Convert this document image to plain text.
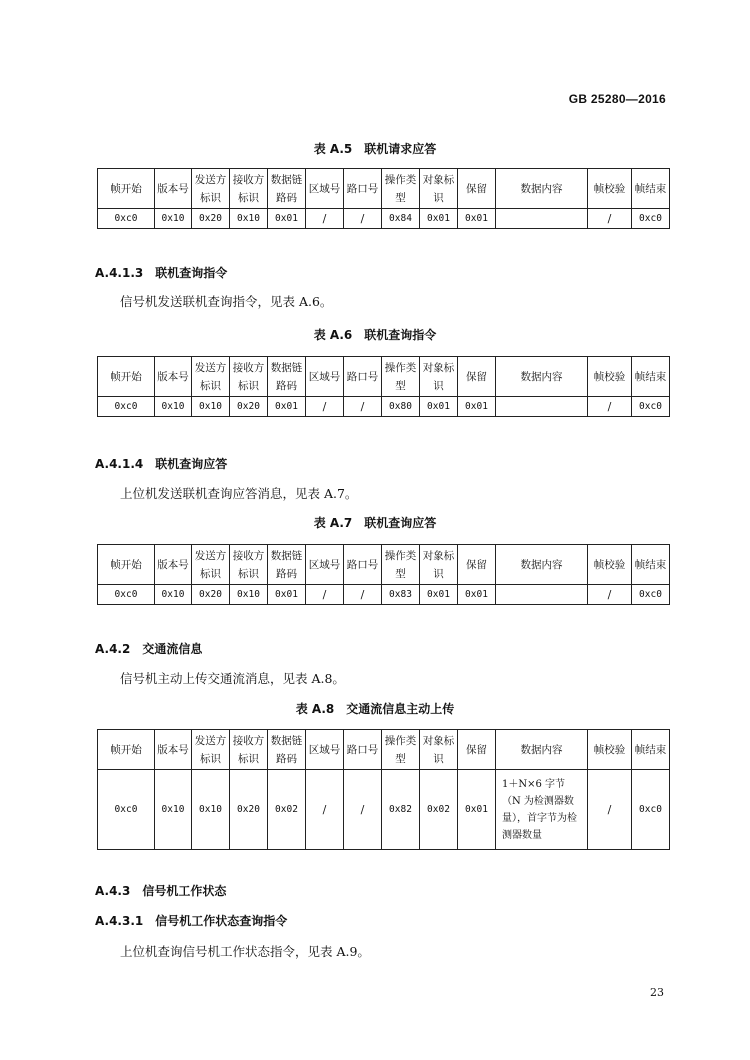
GB 25280—2016
表 A.5　联机请求应答
帧开始	版本号	发送方标识	接收方标识	数据链路码	区域号	路口号	操作类型	对象标识	保留	数据内容	帧校验	帧结束
0xc0	0x10	0x20	0x10	0x01	/	/	0x84	0x01	0x01		/	0xc0
A.4.1.3　联机查询指令
信号机发送联机查询指令，见表 A.6。
表 A.6　联机查询指令
帧开始	版本号	发送方标识	接收方标识	数据链路码	区域号	路口号	操作类型	对象标识	保留	数据内容	帧校验	帧结束
0xc0	0x10	0x10	0x20	0x01	/	/	0x80	0x01	0x01		/	0xc0
A.4.1.4　联机查询应答
上位机发送联机查询应答消息，见表 A.7。
表 A.7　联机查询应答
帧开始	版本号	发送方标识	接收方标识	数据链路码	区域号	路口号	操作类型	对象标识	保留	数据内容	帧校验	帧结束
0xc0	0x10	0x20	0x10	0x01	/	/	0x83	0x01	0x01		/	0xc0
A.4.2　交通流信息
信号机主动上传交通流消息，见表 A.8。
表 A.8　交通流信息主动上传
帧开始	版本号	发送方标识	接收方标识	数据链路码	区域号	路口号	操作类型	对象标识	保留	数据内容	帧校验	帧结束
0xc0	0x10	0x10	0x20	0x02	/	/	0x82	0x02	0x01	1＋N×6 字节（N 为检测器数量），首字节为检测器数量	/	0xc0
A.4.3　信号机工作状态
A.4.3.1　信号机工作状态查询指令
上位机查询信号机工作状态指令，见表 A.9。
23
